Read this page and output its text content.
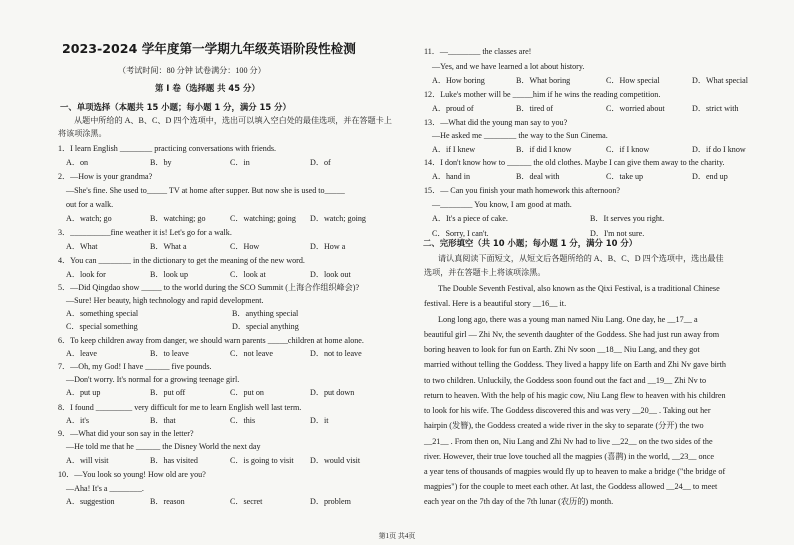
2023-2024 学年度第一学期九年级英语阶段性检测
（考试时间：80 分钟 试卷满分：100 分）
第 I 卷（选择题 共 45 分）
一、单项选择（本题共 15 小题；每小题 1 分，满分 15 分）
从题中所给的 A、B、C、D 四个选项中，选出可以填入空白处的最佳选项，并在答题卡上
将该项涂黑。
1．I learn English ________ practicing conversations with friends.
A．on	B．by	C．in	D．of
2．—How is your grandma?
—She's fine. She used to_____ TV at home after supper. But now she is used to_____
out for a walk.
A．watch; go	B．watching; go	C．watching; going D．watch; going
3．__________fine weather it is! Let's go for a walk.
A．What	B．What a	C．How	D．How a
4．You can ________ in the dictionary to get the meaning of the new word.
A．look for	B．look up	C．look at	D．look out
5．—Did Qingdao show _____ to the world during the SCO Summit (上海合作组织峰会)?
—Sure! Her beauty, high technology and rapid development.
A．something special	B．anything special
C．special something	D．special anything
6．To keep children away from danger, we should warn parents _____children at home alone.
A．leave	B．to leave	C．not leave	D．not to leave
7．—Oh, my God! I have ______ five pounds.
—Don't worry. It's normal for a growing teenage girl.
A．put up	B．put off	C．put on	D．put down
8．I found _________ very difficult for me to learn English well last term.
A．it's	B．that	C．this	D．it
9．—What did your son say in the letter?
—He told me that he ______ the Disney World the next day
A．will visit	B．has visited	C．is going to visit D．would visit
10．—You look so young! How old are you?
—Aha! It's a ________.
A．suggestion	B．reason	C．secret	D．problem
11．—________ the classes are!
—Yes, and we have learned a lot about history.
A．How boring	B．What boring	C．How special	D．What special
12．Luke's mother will be _____him if he wins the reading competition.
A．proud of	B．tired of	C．worried about	D．strict with
13．—What did the young man say to you?
—He asked me ________ the way to the Sun Cinema.
A．if I knew	B．if did I know	C．if I know	D．if do I know
14．I don't know how to ______ the old clothes. Maybe I can give them away to the charity.
A．hand in	B．deal with	C．take up	D．end up
15．— Can you finish your math homework this afternoon?
—________ You know, I am good at math.
A．It's a piece of cake.	B．It serves you right.
C．Sorry, I can't.	D．I'm not sure.
二、完形填空（共 10 小题；每小题 1 分，满分 10 分）
请认真阅读下面短文，从短文后各题所给的 A、B、C、D 四个选项中，选出最佳
选项，并在答题卡上将该项涂黑。
The Double Seventh Festival, also known as the Qixi Festival, is a traditional Chinese
festival. Here is a beautiful story __16__ it.
Long long ago, there was a young man named Niu Lang. One day, he __17__ a
beautiful girl — Zhi Nv, the seventh daughter of the Goddess. She had just run away from
boring heaven to look for fun on Earth. Zhi Nv soon __18__ Niu Lang, and they got
married without telling the Goddess. They lived a happy life on Earth and Zhi Nv gave birth
to two children. Unluckily, the Goddess soon found out the fact and __19__ Zhi Nv to
return to heaven. With the help of his magic cow, Niu Lang flew to heaven with his children
to look for his wife. The Goddess discovered this and was very __20__ . Taking out her
hairpin (发簪), the Goddess created a wide river in the sky to separate (分开) the two
__21__ . From then on, Niu Lang and Zhi Nv had to live __22__ on the two sides of the
river. However, their true love touched all the magpies (喜鹊) in the world, __23__ once
a year tens of thousands of magpies would fly up to heaven to make a bridge ("the bridge of
magpies") for the couple to meet each other. At last, the Goddess allowed __24__ to meet
each year on the 7th day of the 7th lunar (农历的) month.
第1页 共4页
